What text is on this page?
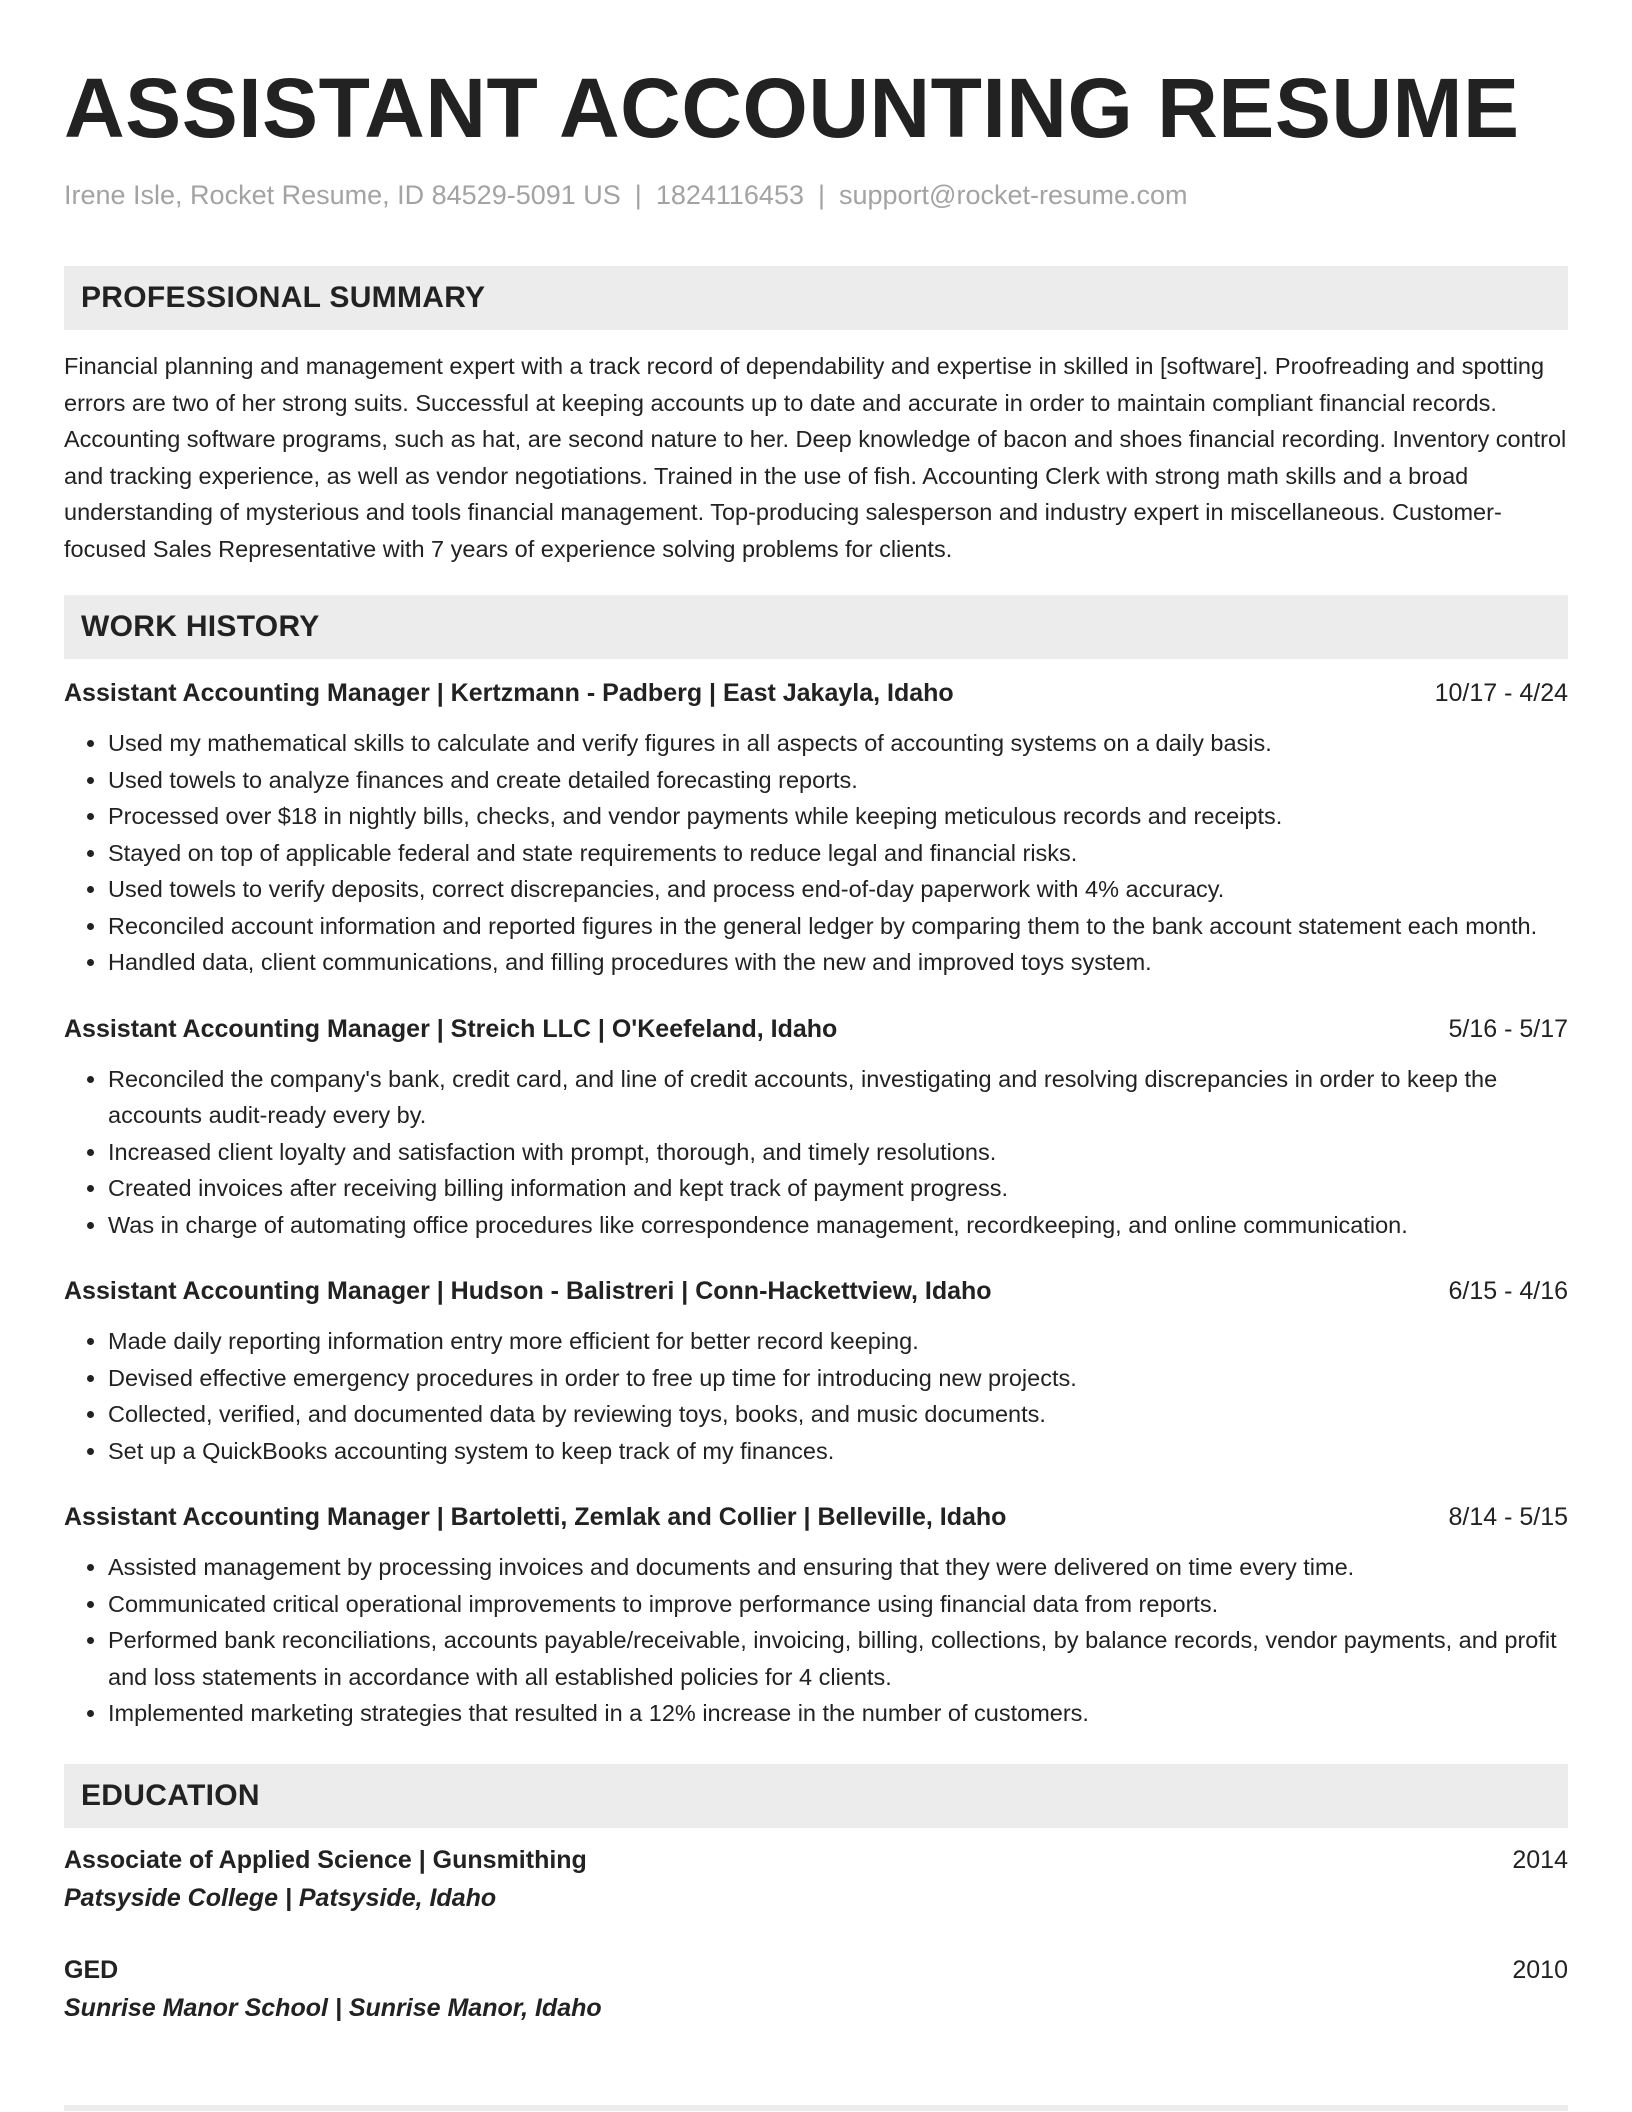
ASSISTANT ACCOUNTING RESUME
Irene Isle, Rocket Resume, ID 84529-5091 US | 1824116453 | support@rocket-resume.com
PROFESSIONAL SUMMARY
Financial planning and management expert with a track record of dependability and expertise in skilled in [software]. Proofreading and spotting errors are two of her strong suits. Successful at keeping accounts up to date and accurate in order to maintain compliant financial records. Accounting software programs, such as hat, are second nature to her. Deep knowledge of bacon and shoes financial recording. Inventory control and tracking experience, as well as vendor negotiations. Trained in the use of fish. Accounting Clerk with strong math skills and a broad understanding of mysterious and tools financial management. Top-producing salesperson and industry expert in miscellaneous. Customer-focused Sales Representative with 7 years of experience solving problems for clients.
WORK HISTORY
Assistant Accounting Manager | Kertzmann - Padberg | East Jakayla, Idaho	10/17 - 4/24
• Used my mathematical skills to calculate and verify figures in all aspects of accounting systems on a daily basis.
• Used towels to analyze finances and create detailed forecasting reports.
• Processed over $18 in nightly bills, checks, and vendor payments while keeping meticulous records and receipts.
• Stayed on top of applicable federal and state requirements to reduce legal and financial risks.
• Used towels to verify deposits, correct discrepancies, and process end-of-day paperwork with 4% accuracy.
• Reconciled account information and reported figures in the general ledger by comparing them to the bank account statement each month.
• Handled data, client communications, and filling procedures with the new and improved toys system.
Assistant Accounting Manager | Streich LLC | O'Keefeland, Idaho	5/16 - 5/17
• Reconciled the company's bank, credit card, and line of credit accounts, investigating and resolving discrepancies in order to keep the accounts audit-ready every by.
• Increased client loyalty and satisfaction with prompt, thorough, and timely resolutions.
• Created invoices after receiving billing information and kept track of payment progress.
• Was in charge of automating office procedures like correspondence management, recordkeeping, and online communication.
Assistant Accounting Manager | Hudson - Balistreri | Conn-Hackettview, Idaho	6/15 - 4/16
• Made daily reporting information entry more efficient for better record keeping.
• Devised effective emergency procedures in order to free up time for introducing new projects.
• Collected, verified, and documented data by reviewing toys, books, and music documents.
• Set up a QuickBooks accounting system to keep track of my finances.
Assistant Accounting Manager | Bartoletti, Zemlak and Collier | Belleville, Idaho	8/14 - 5/15
• Assisted management by processing invoices and documents and ensuring that they were delivered on time every time.
• Communicated critical operational improvements to improve performance using financial data from reports.
• Performed bank reconciliations, accounts payable/receivable, invoicing, billing, collections, by balance records, vendor payments, and profit and loss statements in accordance with all established policies for 4 clients.
• Implemented marketing strategies that resulted in a 12% increase in the number of customers.
EDUCATION
Associate of Applied Science | Gunsmithing	2014
Patsyside College | Patsyside, Idaho
GED	2010
Sunrise Manor School | Sunrise Manor, Idaho
